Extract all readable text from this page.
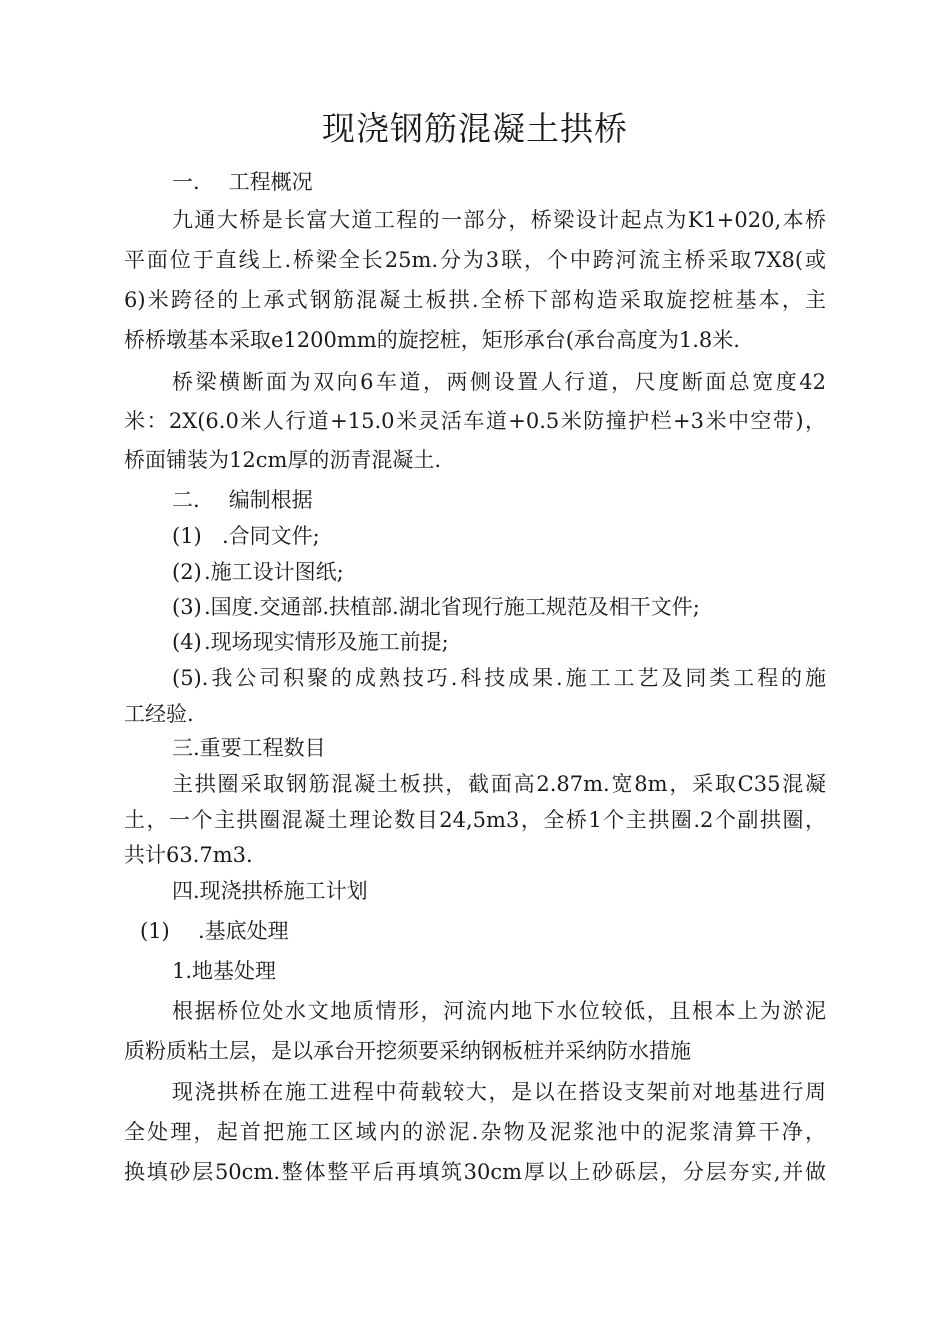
现浇钢筋混凝土拱桥
一. 工程概况
九通大桥是长富大道工程的一部分，桥梁设计起点为K1+020,本桥
平面位于直线上.桥梁全长25m.分为3联，个中跨河流主桥采取7X8(或
6)米跨径的上承式钢筋混凝土板拱.全桥下部构造采取旋挖桩基本，主
桥桥墩基本采取e1200mm的旋挖桩，矩形承台(承台高度为1.8米.
桥梁横断面为双向6车道，两侧设置人行道，尺度断面总宽度42
米：2X(6.0米人行道+15.0米灵活车道+0.5米防撞护栏+3米中空带)，
桥面铺装为12cm厚的沥青混凝土.
二. 编制根据
(1) .合同文件;
(2) .施工设计图纸;
(3) .国度.交通部.扶植部.湖北省现行施工规范及相干文件;
(4) .现场现实情形及施工前提;
(5).我公司积聚的成熟技巧.科技成果.施工工艺及同类工程的施
工经验.
三.重要工程数目
主拱圈采取钢筋混凝土板拱，截面高2.87m.宽8m，采取C35混凝
土，一个主拱圈混凝土理论数目24,5m3，全桥1个主拱圈.2个副拱圈，
共计63.7m3.
四.现浇拱桥施工计划
(1) .基底处理
1.地基处理
根据桥位处水文地质情形，河流内地下水位较低，且根本上为淤泥
质粉质粘土层，是以承台开挖须要采纳钢板桩并采纳防水措施
现浇拱桥在施工进程中荷载较大，是以在搭设支架前对地基进行周
全处理，起首把施工区域内的淤泥.杂物及泥浆池中的泥浆清算干净，
换填砂层50cm.整体整平后再填筑30cm厚以上砂砾层，分层夯实,并做
